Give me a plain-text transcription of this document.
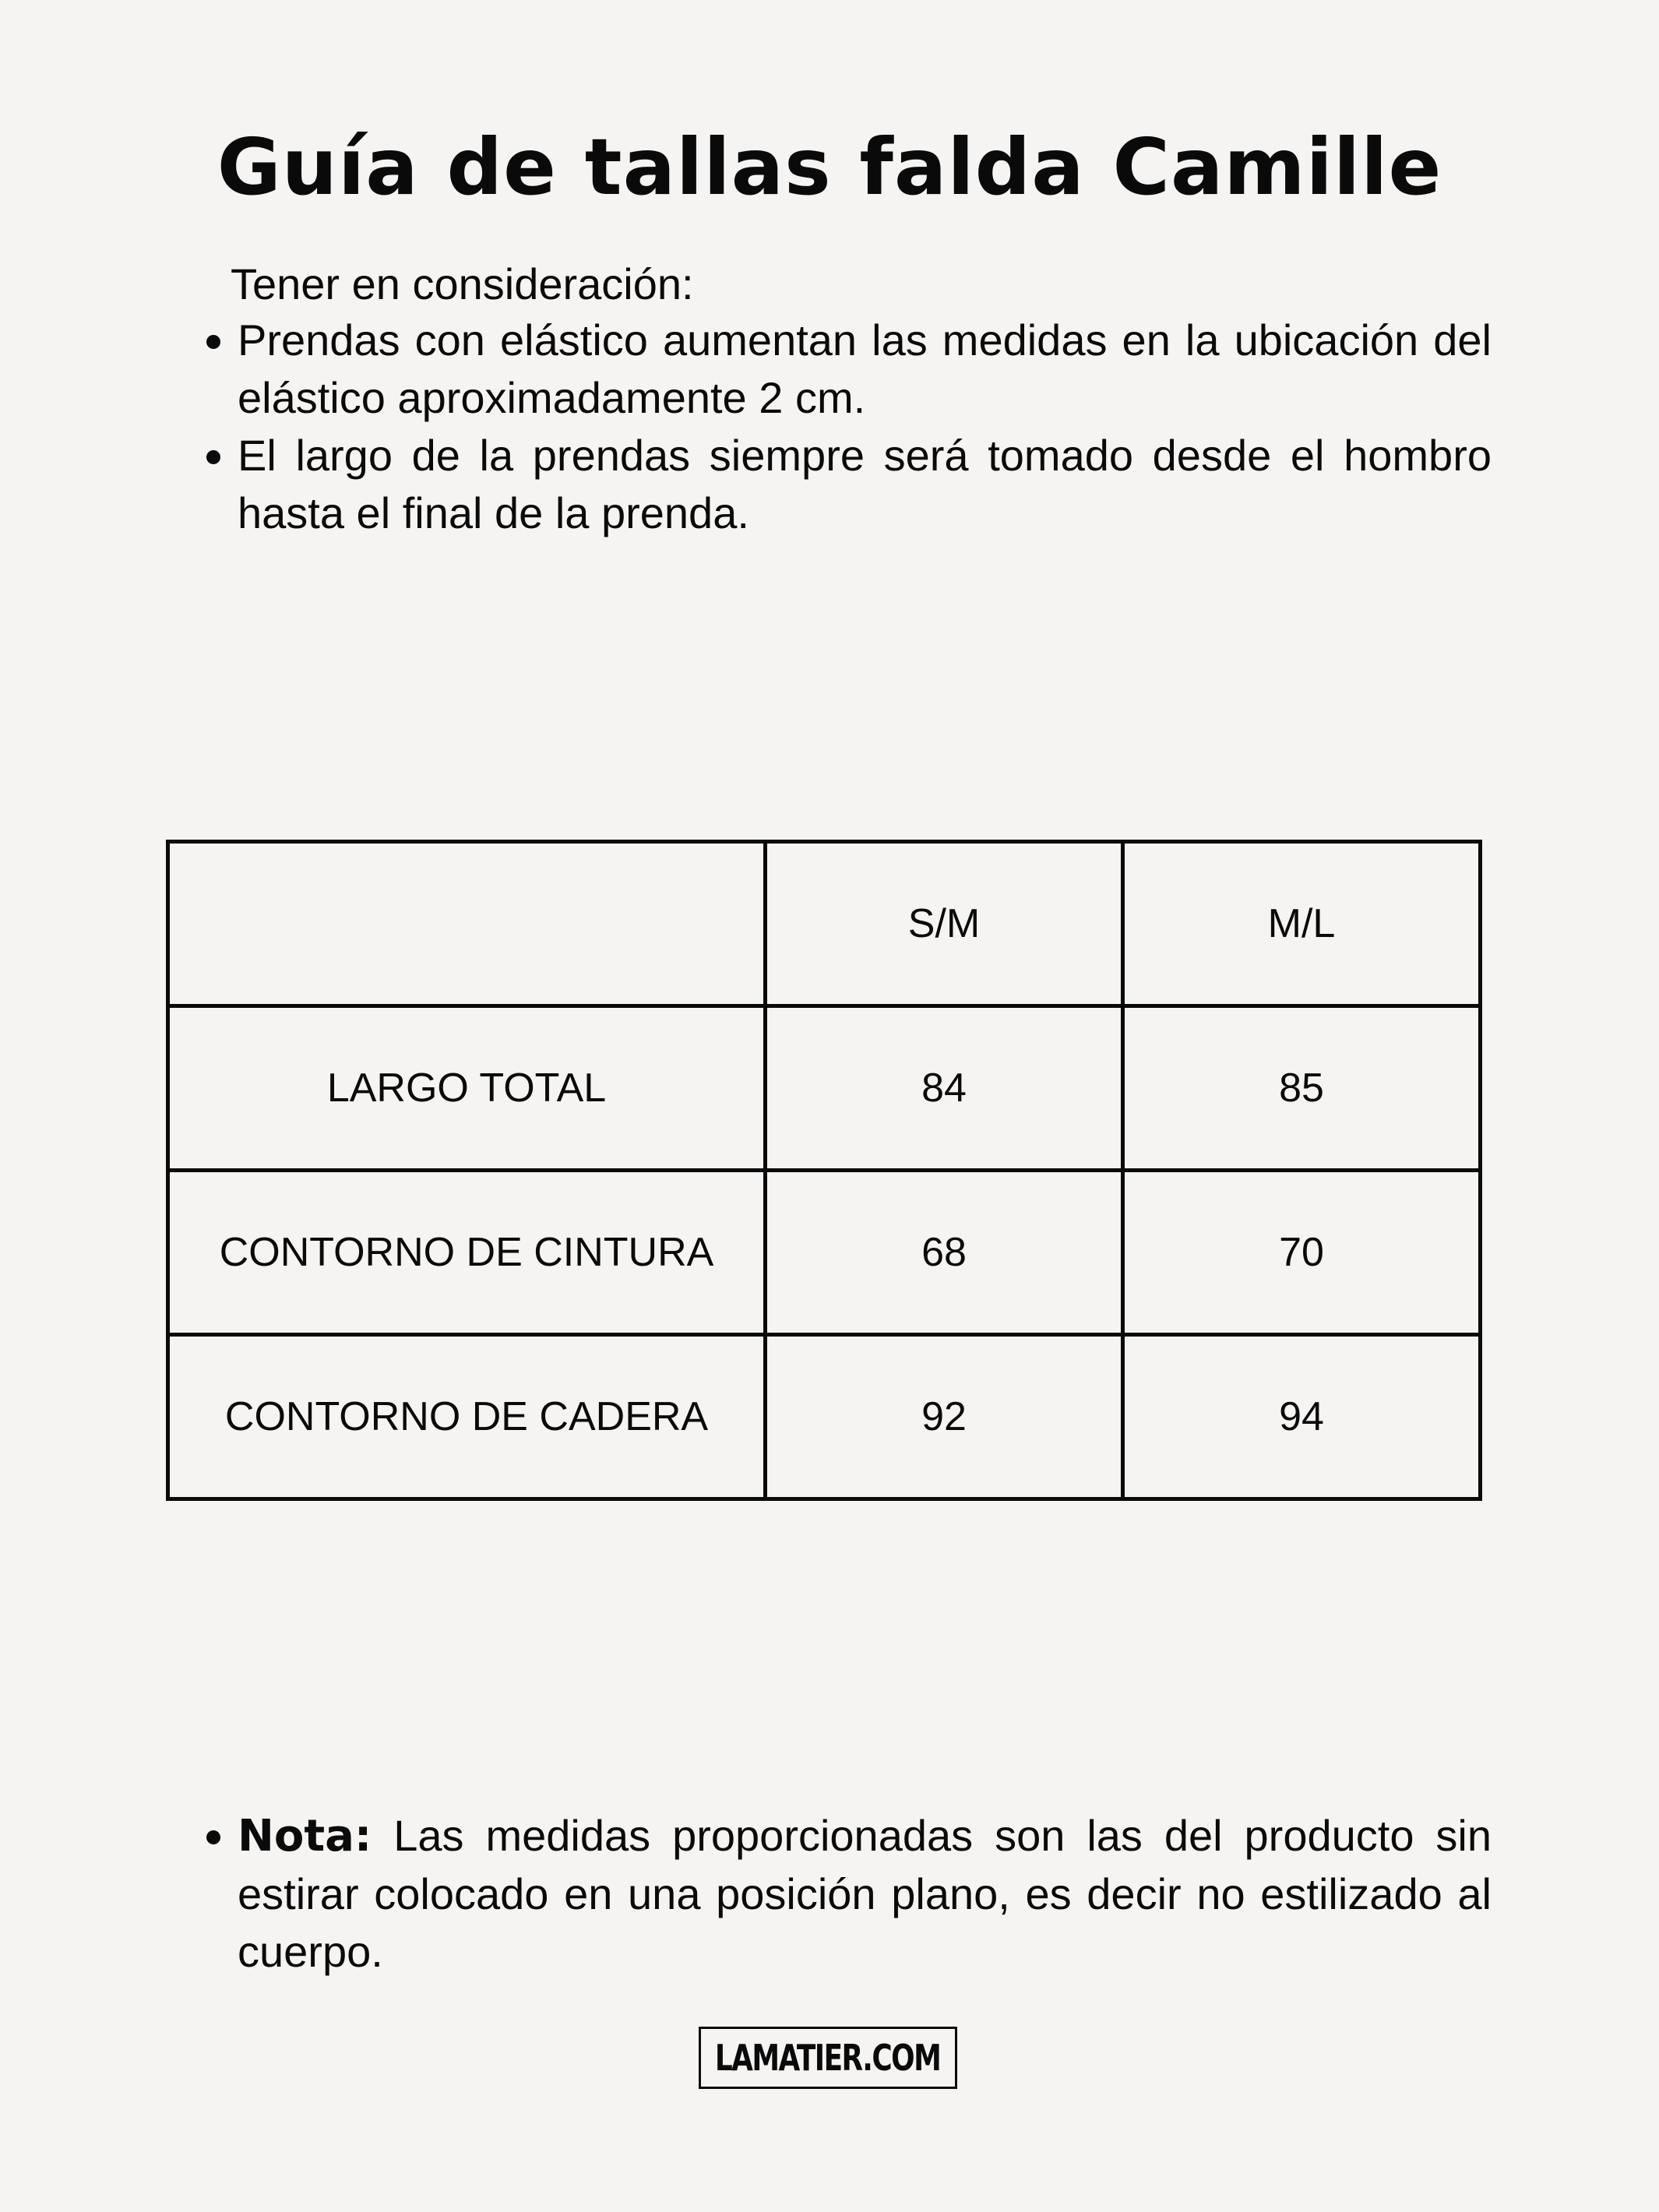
Guía de tallas falda Camille
Tener en consideración:
Prendas con elástico aumentan las medidas en la ubicación del elástico aproximadamente 2 cm.
El largo de la prendas siempre será tomado desde el hombro hasta el final de la prenda.
	S/M	M/L
LARGO TOTAL	84	85
CONTORNO DE CINTURA	68	70
CONTORNO DE CADERA	92	94
Nota: Las medidas proporcionadas son las del producto sin estirar colocado en una posición plano, es decir no estilizado al cuerpo.
LAMATIER.COM
